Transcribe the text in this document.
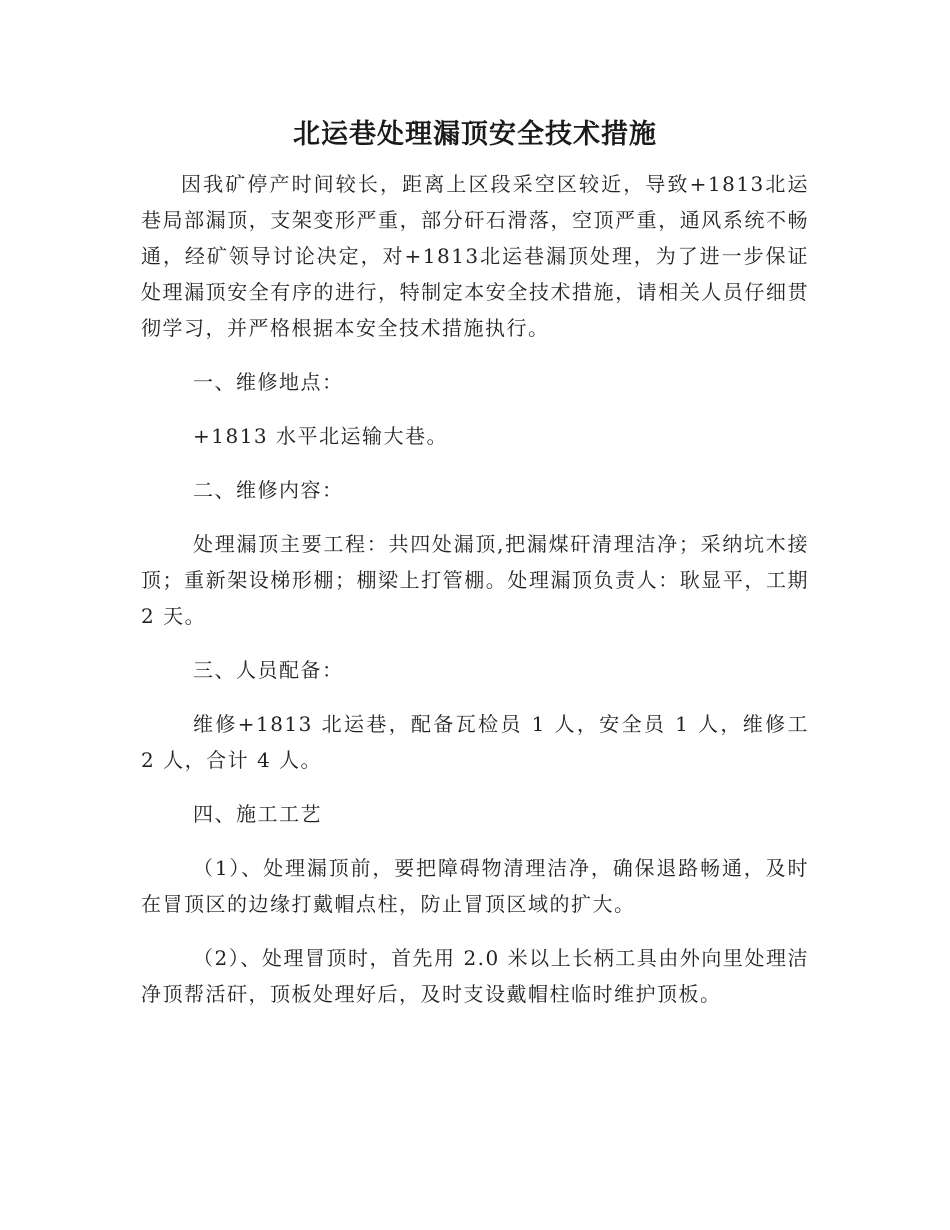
北运巷处理漏顶安全技术措施

因我矿停产时间较长，距离上区段采空区较近，导致+1813北运巷局部漏顶，支架变形严重，部分矸石滑落，空顶严重，通风系统不畅通，经矿领导讨论决定，对+1813北运巷漏顶处理，为了进一步保证处理漏顶安全有序的进行，特制定本安全技术措施，请相关人员仔细贯彻学习，并严格根据本安全技术措施执行。

一、维修地点：

+1813 水平北运输大巷。

二、维修内容：

处理漏顶主要工程：共四处漏顶,把漏煤矸清理洁净；采纳坑木接顶；重新架设梯形棚；棚梁上打管棚。处理漏顶负责人：耿显平，工期 2 天。

三、人员配备：

维修+1813 北运巷，配备瓦检员 1 人，安全员 1 人，维修工 2 人，合计 4 人。

四、施工工艺

（1）、处理漏顶前，要把障碍物清理洁净，确保退路畅通，及时在冒顶区的边缘打戴帽点柱，防止冒顶区域的扩大。

（2）、处理冒顶时，首先用 2.0 米以上长柄工具由外向里处理洁净顶帮活矸，顶板处理好后，及时支设戴帽柱临时维护顶板。
